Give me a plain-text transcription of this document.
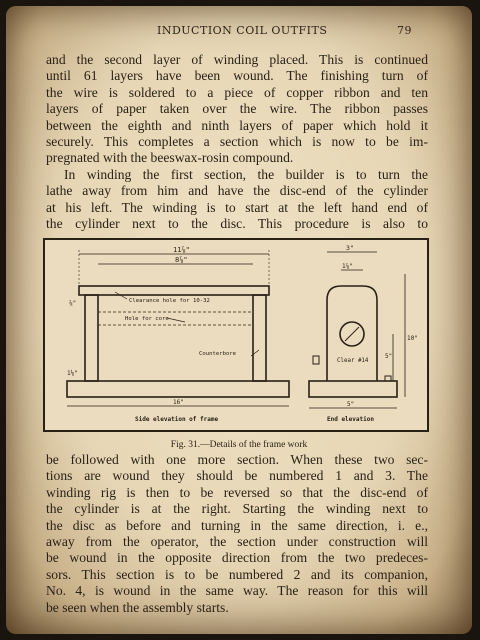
INDUCTION COIL OUTFITS	79
and the second layer of winding placed. This is continued
until 61 layers have been wound. The finishing turn of
the wire is soldered to a piece of copper ribbon and ten
layers of paper taken over the wire. The ribbon passes
between the eighth and ninth layers of paper which hold it
securely. This completes a section which is now to be im-
pregnated with the beeswax-rosin compound.
In winding the first section, the builder is to turn the
lathe away from him and have the disc-end of the cylinder
at his left. The winding is to start at the left hand end of
the cylinder next to the disc. This procedure is also to
11⅞"
8⅞"
Clearance hole for 10-32
Hole for core
Counterbore
⅞"
1⅛"
16"
Side elevation of frame
3"
1⅞"
Clear #14
5"
10"
5"
End elevation
Fig. 31.—Details of the frame work
be followed with one more section. When these two sec-
tions are wound they should be numbered 1 and 3. The
winding rig is then to be reversed so that the disc-end of
the cylinder is at the right. Starting the winding next to
the disc as before and turning in the same direction, i. e.,
away from the operator, the section under construction will
be wound in the opposite direction from the two predeces-
sors. This section is to be numbered 2 and its companion,
No. 4, is wound in the same way. The reason for this will
be seen when the assembly starts.
